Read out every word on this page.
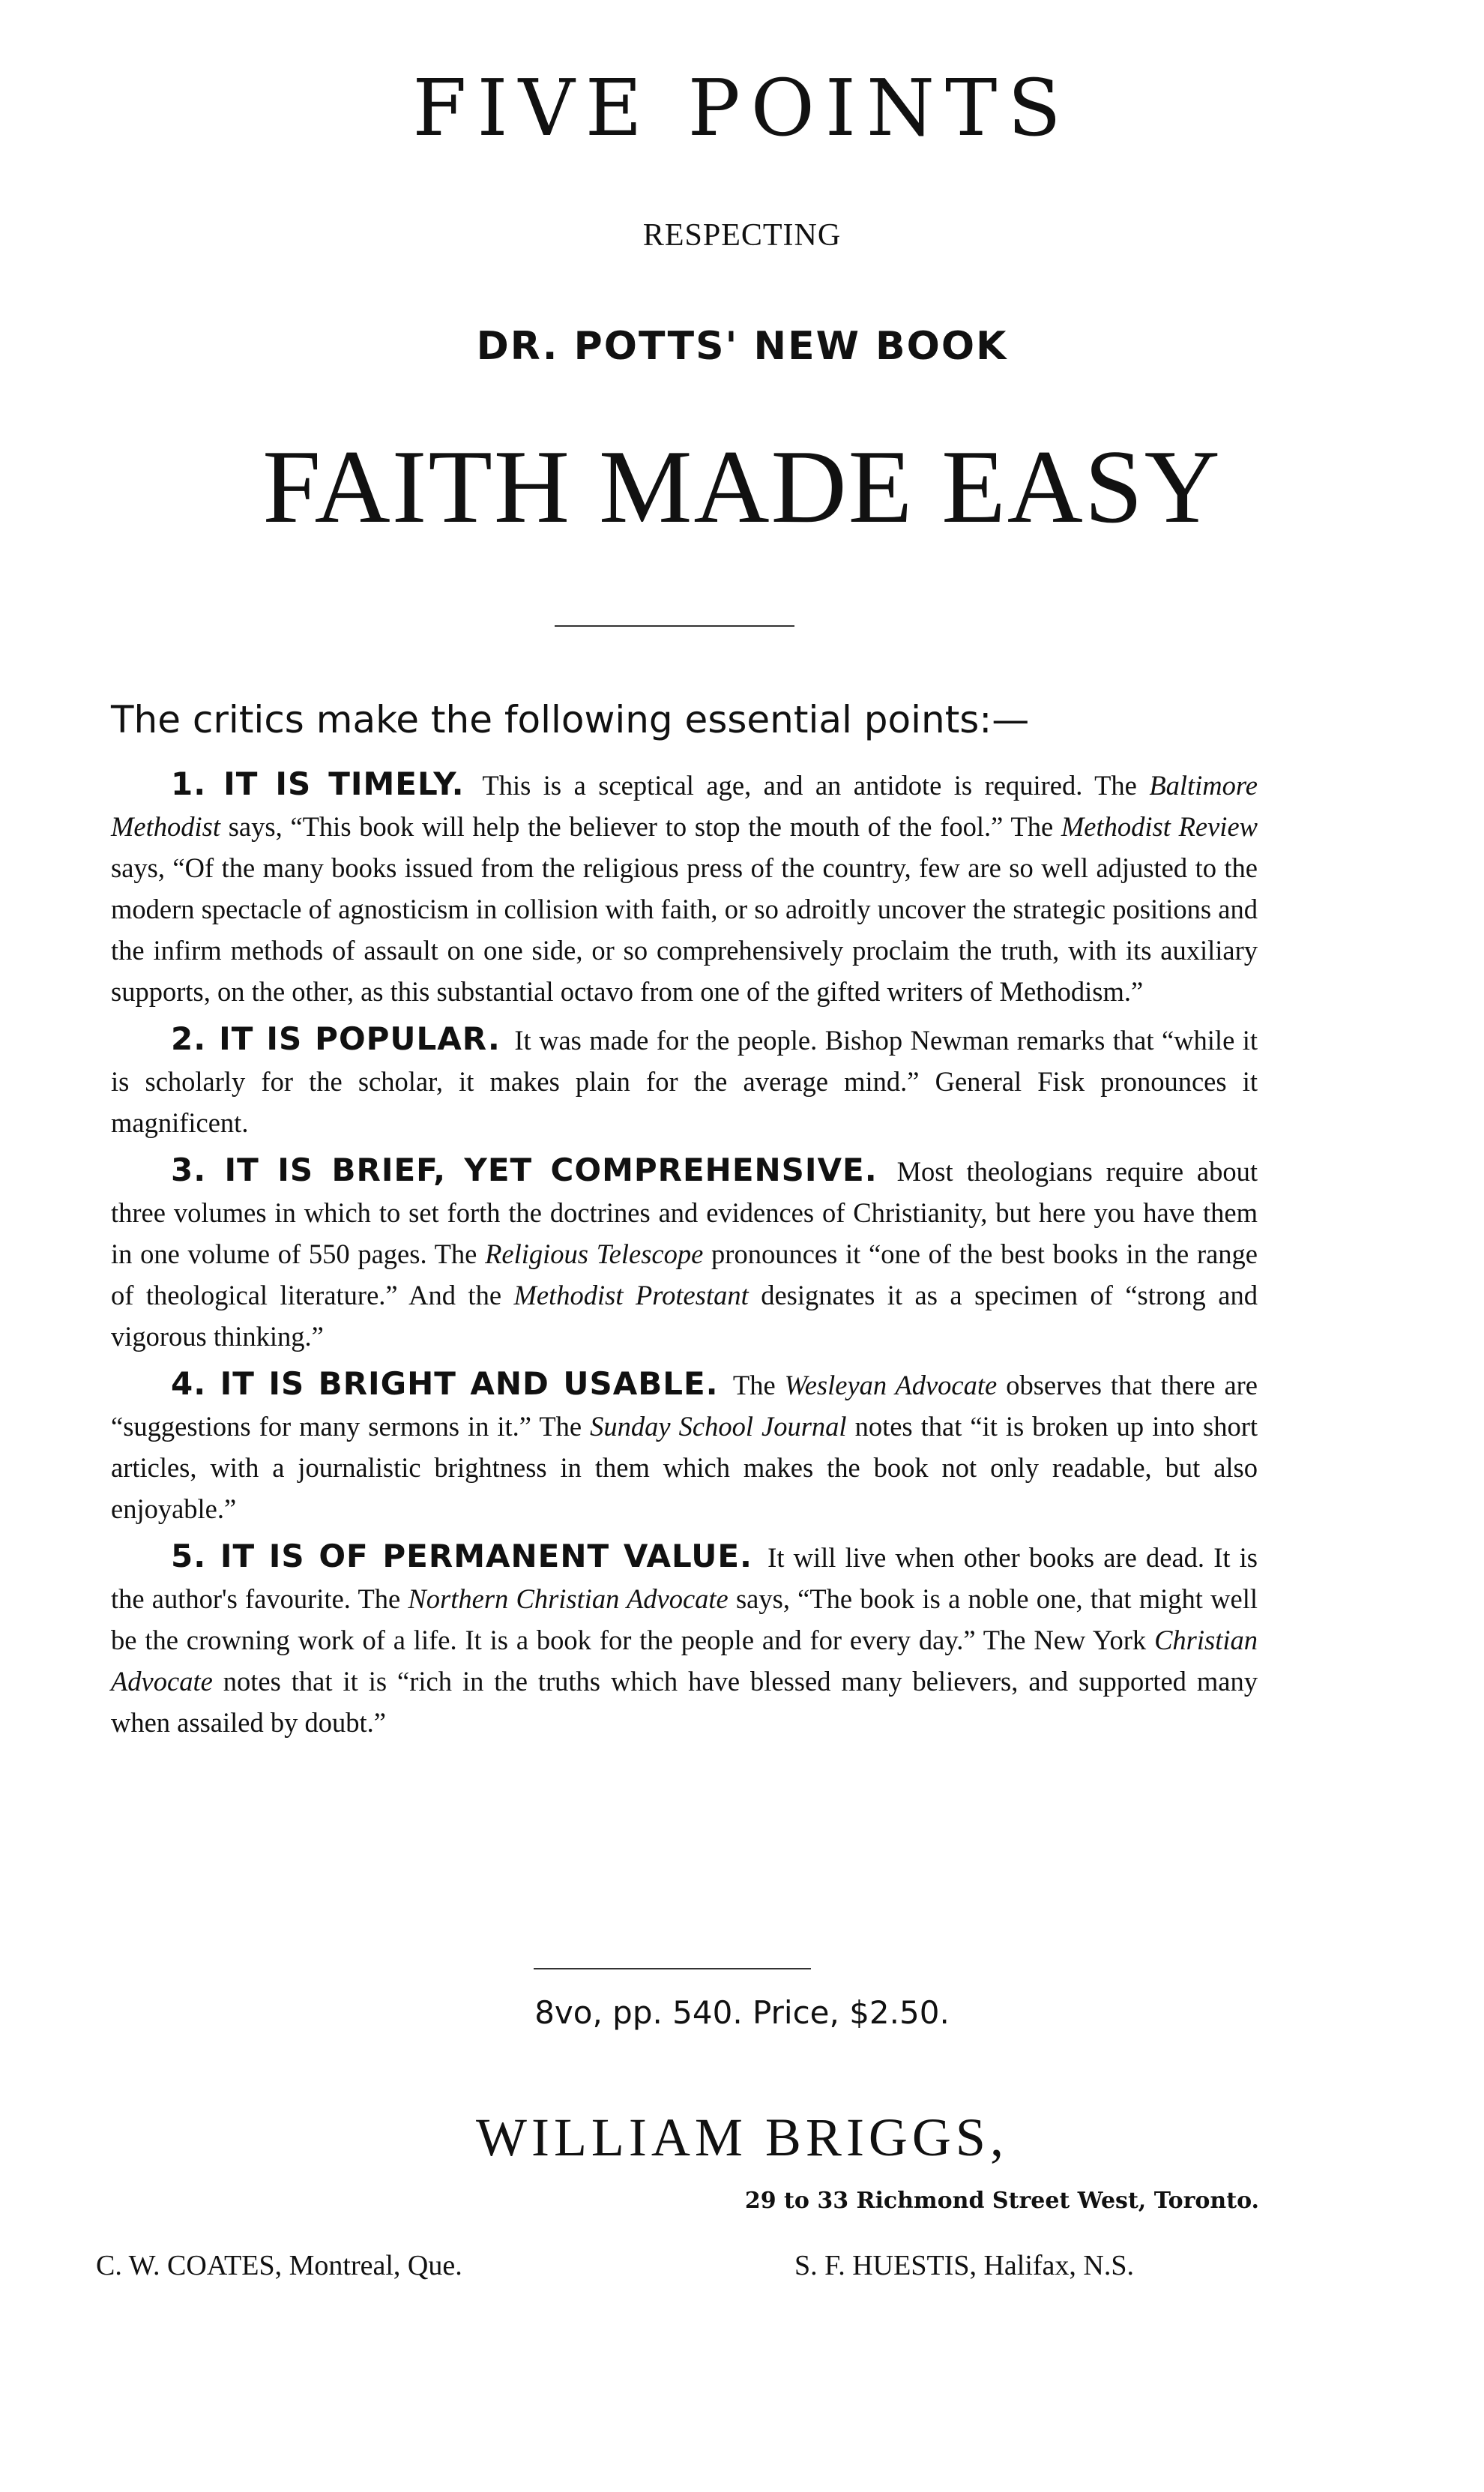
FIVE POINTS
RESPECTING
DR. POTTS' NEW BOOK
FAITH MADE EASY
The critics make the following essential points:—

1. IT IS TIMELY. This is a sceptical age, and an antidote is required. The Baltimore Methodist says, “This book will help the believer to stop the mouth of the fool.” The Methodist Review says, “Of the many books issued from the religious press of the country, few are so well adjusted to the modern spectacle of agnosticism in collision with faith, or so adroitly uncover the strategic positions and the infirm methods of assault on one side, or so comprehensively proclaim the truth, with its auxiliary supports, on the other, as this substantial octavo from one of the gifted writers of Methodism.”

2. IT IS POPULAR. It was made for the people. Bishop Newman remarks that “while it is scholarly for the scholar, it makes plain for the average mind.” General Fisk pronounces it magnificent.

3. IT IS BRIEF, YET COMPREHENSIVE. Most theologians require about three volumes in which to set forth the doctrines and evidences of Christianity, but here you have them in one volume of 550 pages. The Religious Telescope pronounces it “one of the best books in the range of theological literature.” And the Methodist Protestant designates it as a specimen of “strong and vigorous thinking.”

4. IT IS BRIGHT AND USABLE. The Wesleyan Advocate observes that there are “suggestions for many sermons in it.” The Sunday School Journal notes that “it is broken up into short articles, with a journalistic brightness in them which makes the book not only readable, but also enjoyable.”

5. IT IS OF PERMANENT VALUE. It will live when other books are dead. It is the author's favourite. The Northern Christian Advocate says, “The book is a noble one, that might well be the crowning work of a life. It is a book for the people and for every day.” The New York Christian Advocate notes that it is “rich in the truths which have blessed many believers, and supported many when assailed by doubt.”

8vo, pp. 540. Price, $2.50.
WILLIAM BRIGGS,
29 to 33 Richmond Street West, Toronto.
C. W. COATES, Montreal, Que.	S. F. HUESTIS, Halifax, N.S.
